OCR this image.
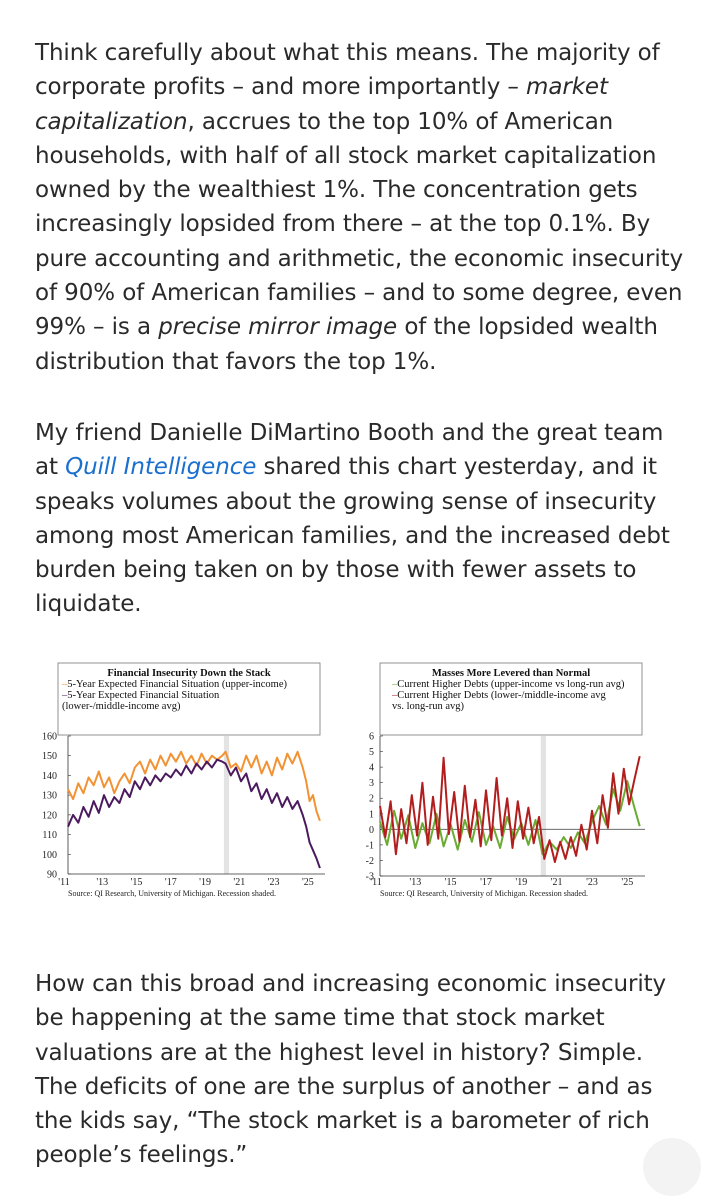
Think carefully about what this means. The majority of corporate profits – and more importantly – market capitalization, accrues to the top 10% of American households, with half of all stock market capitalization owned by the wealthiest 1%. The concentration gets increasingly lopsided from there – at the top 0.1%. By pure accounting and arithmetic, the economic insecurity of 90% of American families – and to some degree, even 99% – is a precise mirror image of the lopsided wealth distribution that favors the top 1%.

My friend Danielle DiMartino Booth and the great team at Quill Intelligence shared this chart yesterday, and it speaks volumes about the growing sense of insecurity among most American families, and the increased debt burden being taken on by those with fewer assets to liquidate.

Financial Insecurity Down the Stack
–5-Year Expected Financial Situation (upper-income)
–5-Year Expected Financial Situation
(lower-/middle-income avg)
160
150
140
130
120
110
100
90
'11	'13 '15 '17 '19 '21 '23 '25
Source: QI Research, University of Michigan. Recession shaded.
Masses More Levered than Normal
–Current Higher Debts (upper-income vs long-run avg)
–Current Higher Debts (lower-/middle-income avg
vs. long-run avg)
6
5
4
3
2
1
0
-1
-2
-3
'11	'13 '15 '17 '19 '21 '23 '25
Source: QI Research, University of Michigan. Recession shaded.

How can this broad and increasing economic insecurity be happening at the same time that stock market valuations are at the highest level in history? Simple. The deficits of one are the surplus of another – and as the kids say, “The stock market is a barometer of rich people’s feelings.”
